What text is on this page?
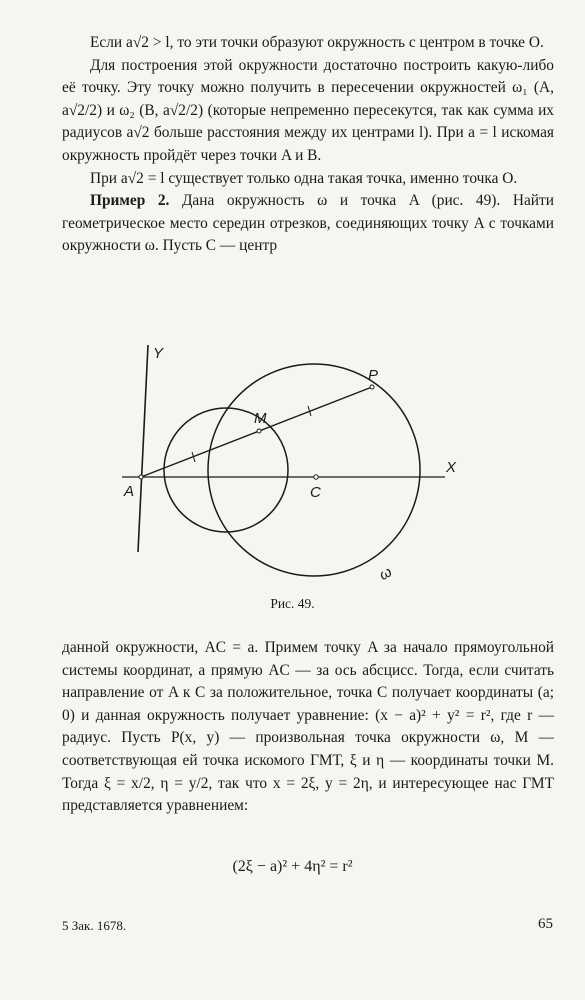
Если a√2 > l, то эти точки образуют окружность с центром в точке O.

Для построения этой окружности достаточно построить какую-либо её точку. Эту точку можно получить в пересечении окружностей ω₁ (A, a√2/2) и ω₂ (B, a√2/2) (которые непременно пересекутся, так как сумма их радиусов a√2 больше расстояния между их центрами l). При a = l искомая окружность пройдёт через точки A и B.

При a√2 = l существует только одна такая точка, именно точка O.

Пример 2. Дана окружность ω и точка A (рис. 49). Найти геометрическое место середин отрезков, соединяющих точку A с точками окружности ω. Пусть C — центр

Y
X
A	C
M
P
ω
Рис. 49.

данной окружности, AC = a. Примем точку A за начало прямоугольной системы координат, а прямую AC — за ось абсцисс. Тогда, если считать направление от A к C за положительное, точка C получает координаты (a; 0) и данная окружность получает уравнение: (x − a)² + y² = r², где r — радиус. Пусть P(x, y) — произвольная точка окружности ω, M — соответствующая ей точка искомого ГМТ, ξ и η — координаты точки M. Тогда ξ = x/2, η = y/2, так что x = 2ξ, y = 2η, и интересующее нас ГМТ представляется уравнением:

(2ξ − a)² + 4η² = r²
5 Зак. 1678.	65
